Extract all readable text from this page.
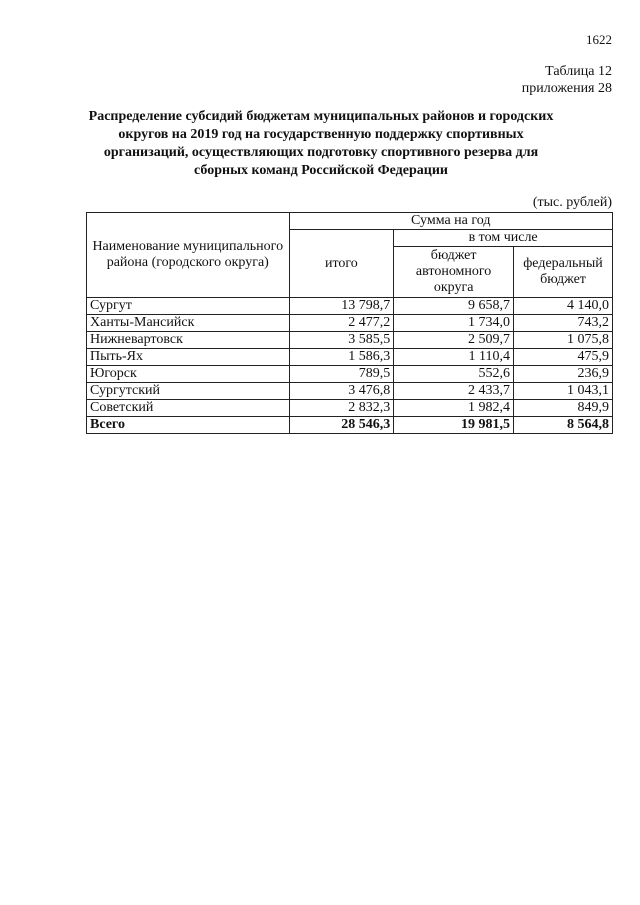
1622
Таблица 12
приложения 28
Распределение субсидий бюджетам муниципальных районов и городских округов на 2019 год на государственную поддержку спортивных организаций, осуществляющих подготовку спортивного резерва для сборных команд Российской Федерации
(тыс. рублей)
Наименование муниципального района (городского округа)	Сумма на год		
	итого	в том числе	
		бюджет автономного округа	федеральный бюджет
Сургут	13 798,7	9 658,7	4 140,0
Ханты-Мансийск	2 477,2	1 734,0	743,2
Нижневартовск	3 585,5	2 509,7	1 075,8
Пыть-Ях	1 586,3	1 110,4	475,9
Югорск	789,5	552,6	236,9
Сургутский	3 476,8	2 433,7	1 043,1
Советский	2 832,3	1 982,4	849,9
Всего	28 546,3	19 981,5	8 564,8
